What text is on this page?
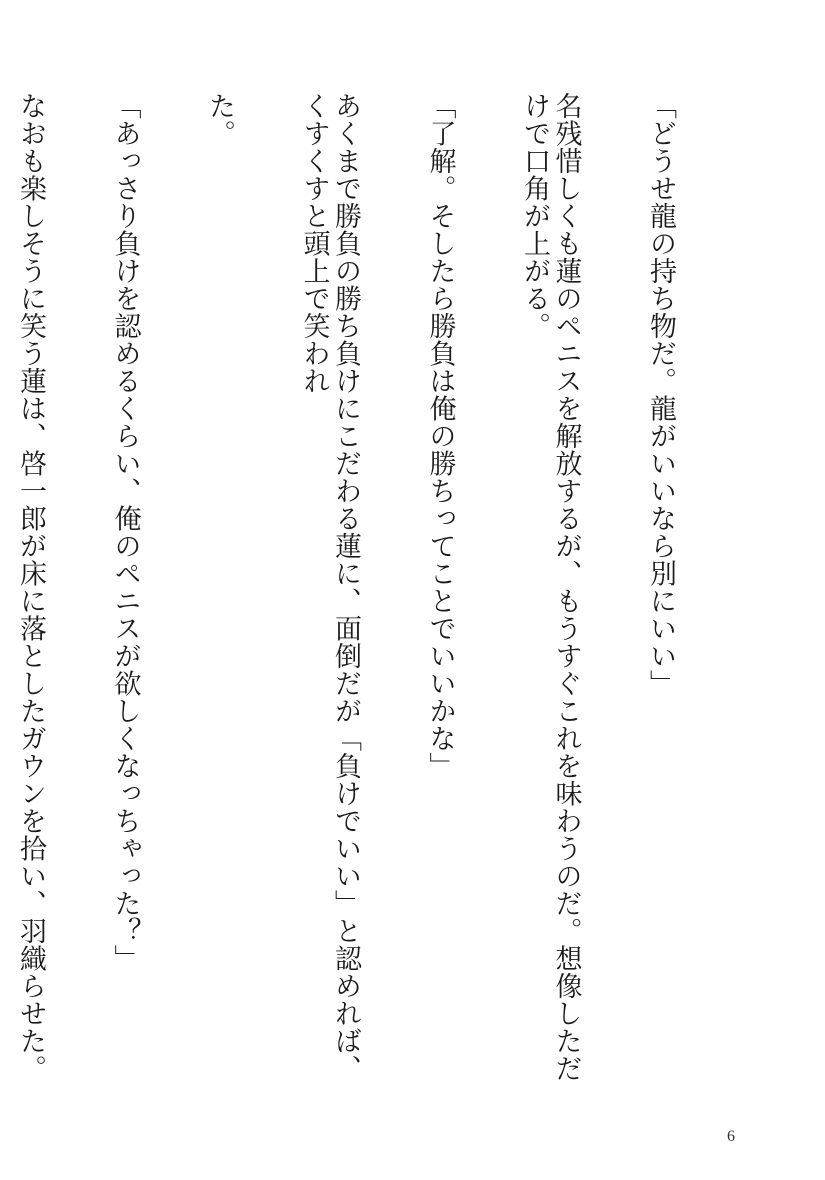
「どうせ龍の持ち物だ。龍がいいなら別にいい」

名残惜しくも蓮のペニスを解放するが、もうすぐこれを味わうのだ。想像しただけで口角が上がる。

「了解。そしたら勝負は俺の勝ちってことでいいかな」

あくまで勝負の勝ち負けにこだわる蓮に、面倒だが「負けでいい」と認めれば、くすくすと頭上で笑われ

た。

「あっさり負けを認めるくらい、俺のペニスが欲しくなっちゃった？」

なおも楽しそうに笑う蓮は、啓一郎が床に落としたガウンを拾い、羽織らせた。

6
